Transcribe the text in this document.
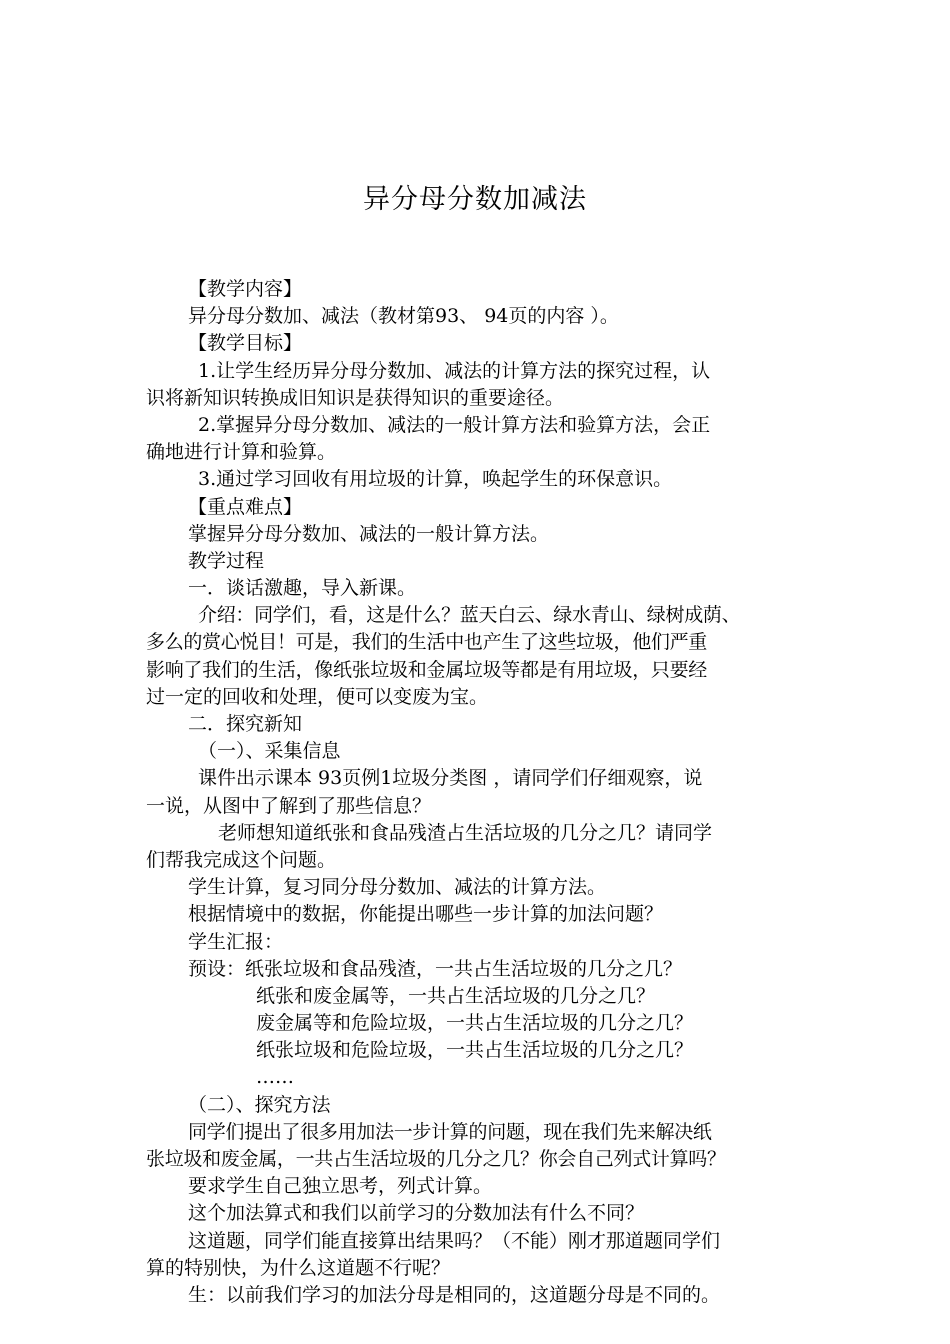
异分母分数加减法
【教学内容】
异分母分数加、减法（教材第93、 94页的内容 ）。
【教学目标】
1.让学生经历异分母分数加、减法的计算方法的探究过程，认
识将新知识转换成旧知识是获得知识的重要途径。
2.掌握异分母分数加、减法的一般计算方法和验算方法，会正
确地进行计算和验算。
3.通过学习回收有用垃圾的计算，唤起学生的环保意识。
【重点难点】
掌握异分母分数加、减法的一般计算方法。
教学过程
一．谈话激趣，导入新课。
介绍：同学们，看，这是什么？蓝天白云、绿水青山、绿树成荫、
多么的赏心悦目！可是，我们的生活中也产生了这些垃圾，他们严重
影响了我们的生活，像纸张垃圾和金属垃圾等都是有用垃圾，只要经
过一定的回收和处理，便可以变废为宝。
二．探究新知
（一）、采集信息
课件出示课本 93页例1垃圾分类图 ，请同学们仔细观察，说
一说，从图中了解到了那些信息？
老师想知道纸张和食品残渣占生活垃圾的几分之几？请同学
们帮我完成这个问题。
学生计算，复习同分母分数加、减法的计算方法。
根据情境中的数据，你能提出哪些一步计算的加法问题？
学生汇报：
预设：纸张垃圾和食品残渣，一共占生活垃圾的几分之几？
纸张和废金属等，一共占生活垃圾的几分之几？
废金属等和危险垃圾，一共占生活垃圾的几分之几？
纸张垃圾和危险垃圾，一共占生活垃圾的几分之几？
……
（二）、探究方法
同学们提出了很多用加法一步计算的问题，现在我们先来解决纸
张垃圾和废金属，一共占生活垃圾的几分之几？你会自己列式计算吗？
要求学生自己独立思考，列式计算。
这个加法算式和我们以前学习的分数加法有什么不同？
这道题，同学们能直接算出结果吗？（不能）刚才那道题同学们
算的特别快，为什么这道题不行呢？
生：以前我们学习的加法分母是相同的，这道题分母是不同的。
